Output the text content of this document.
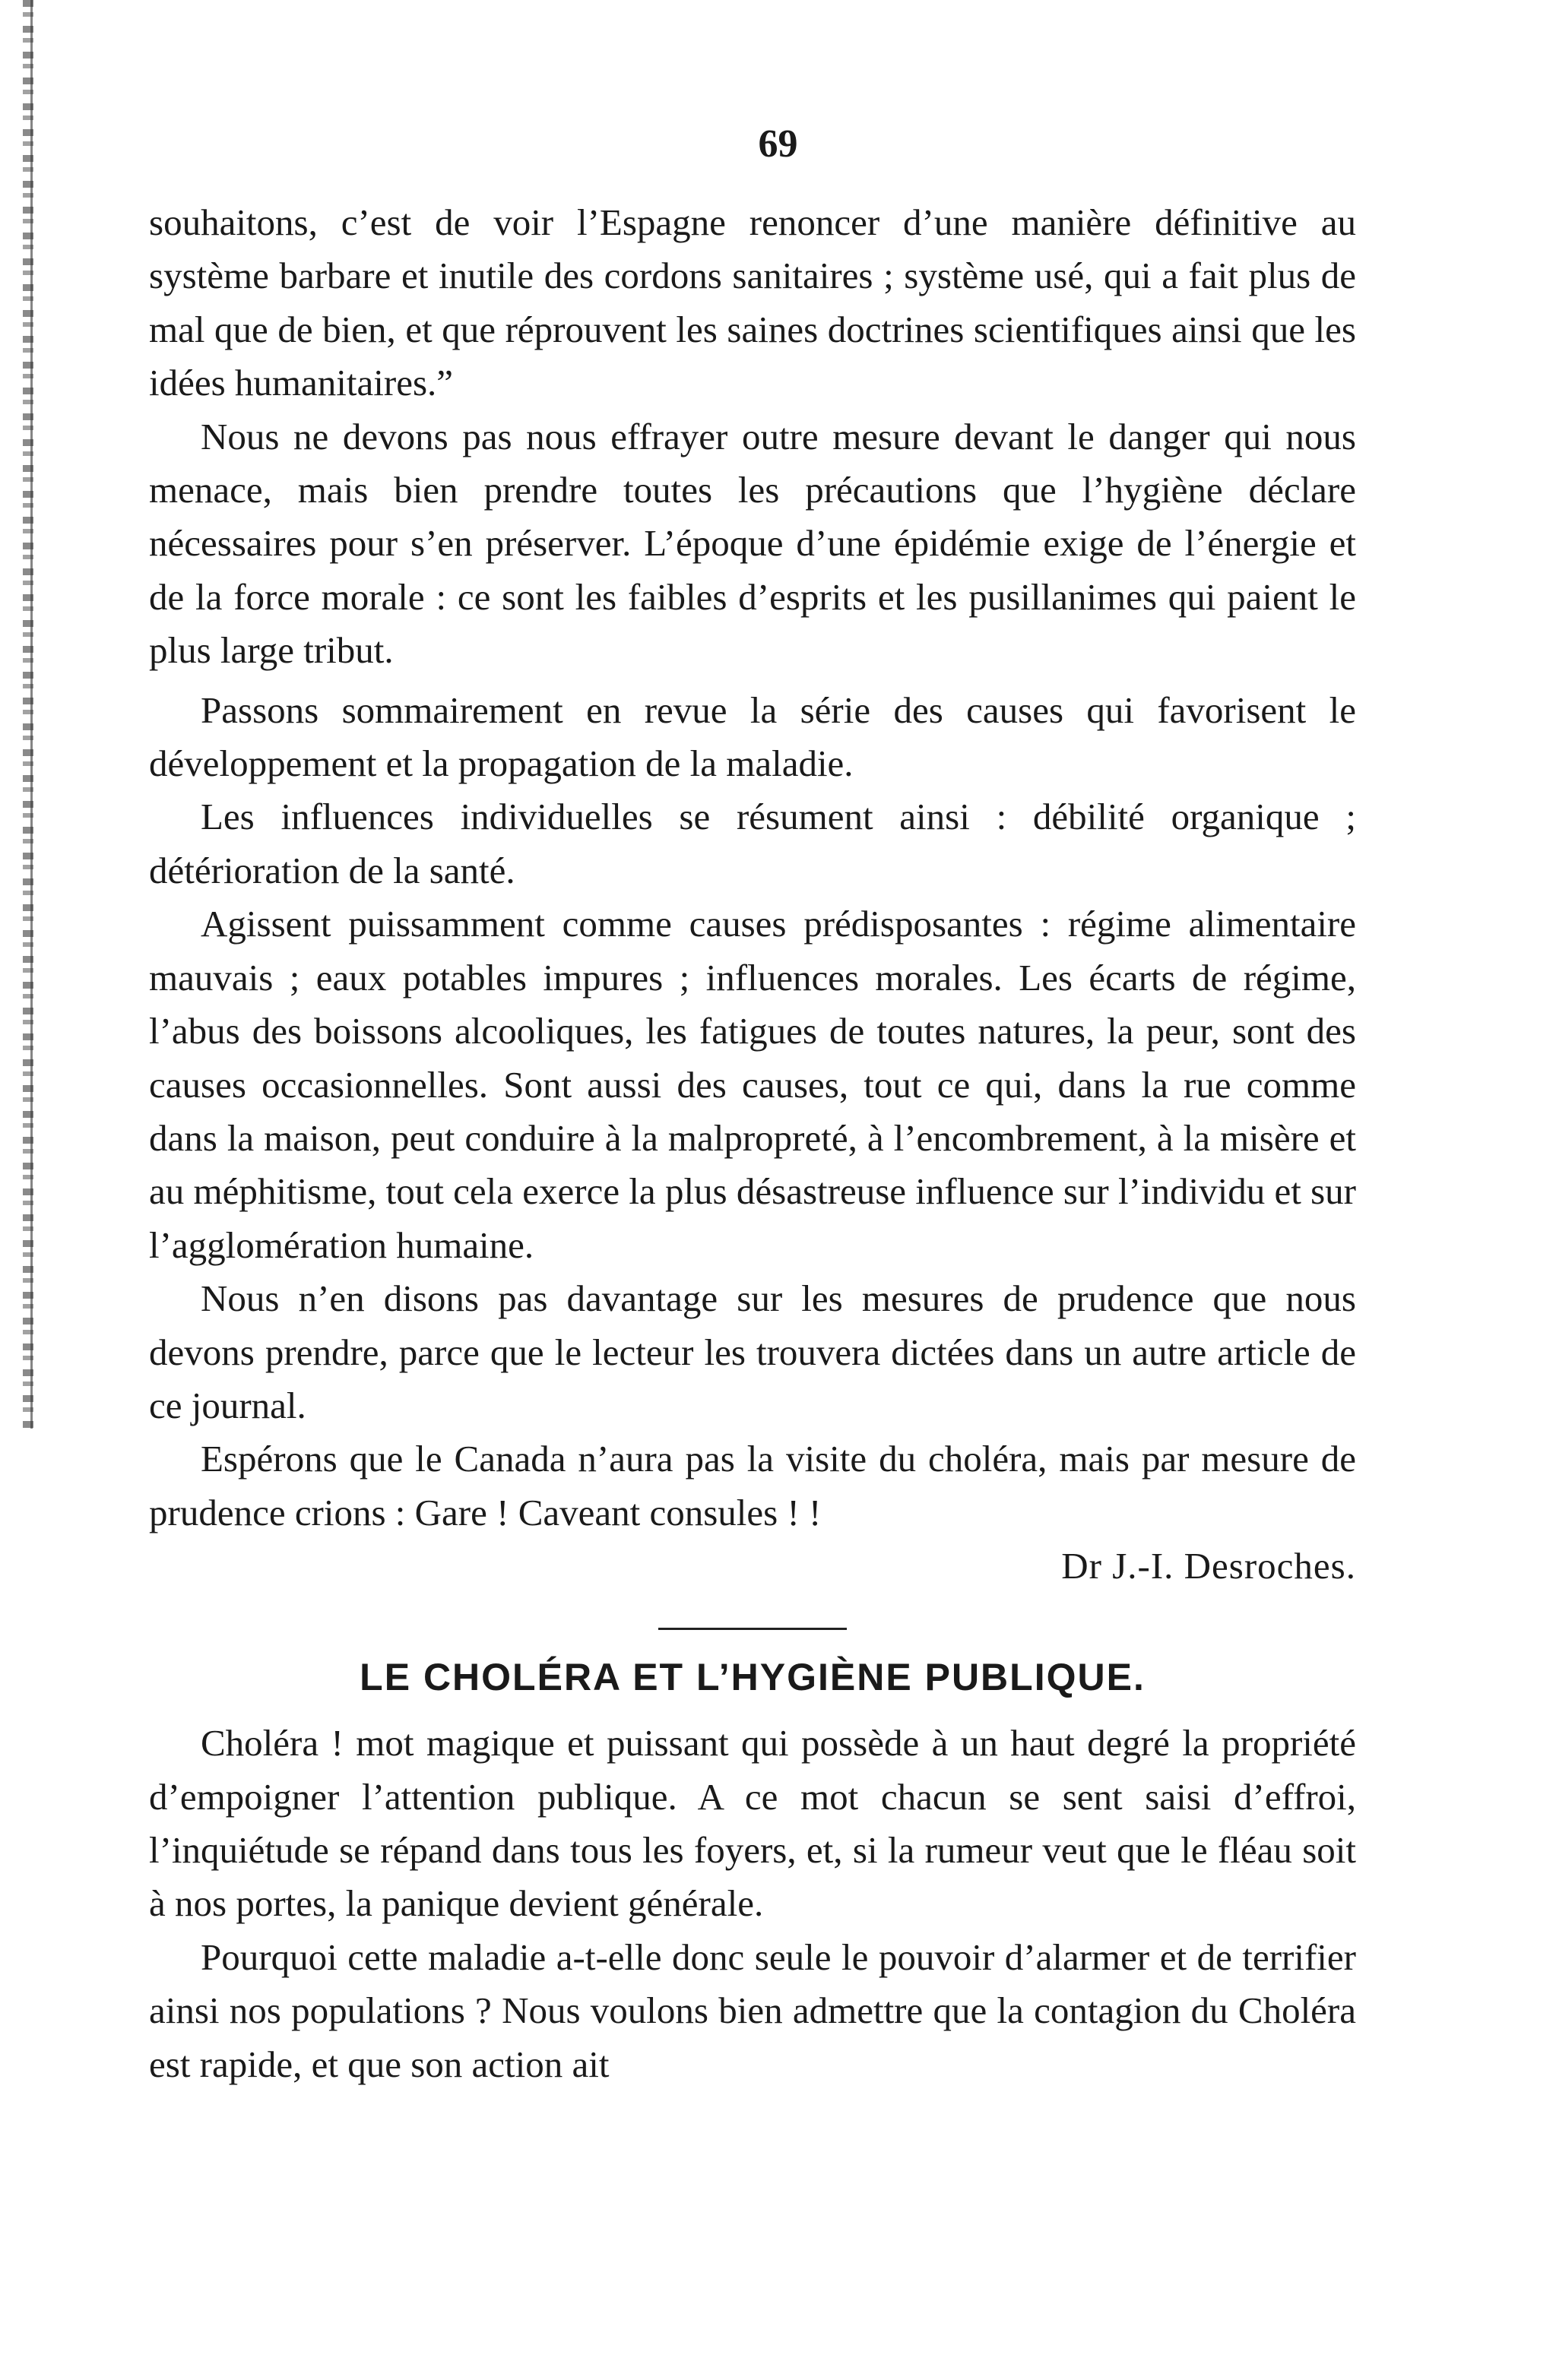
69

souhaitons, c’est de voir l’Espagne renoncer d’une manière définitive au système barbare et inutile des cordons sanitaires ; système usé, qui a fait plus de mal que de bien, et que réprouvent les saines doctrines scientifiques ainsi que les idées humanitaires.”

Nous ne devons pas nous effrayer outre mesure devant le danger qui nous menace, mais bien prendre toutes les précautions que l’hygiène déclare nécessaires pour s’en préserver. L’époque d’une épidémie exige de l’énergie et de la force morale : ce sont les faibles d’esprits et les pusillanimes qui paient le plus large tribut.

Passons sommairement en revue la série des causes qui favorisent le développement et la propagation de la maladie.

Les influences individuelles se résument ainsi : débilité organique ; détérioration de la santé.

Agissent puissamment comme causes prédisposantes : régime alimentaire mauvais ; eaux potables impures ; influences morales. Les écarts de régime, l’abus des boissons alcooliques, les fatigues de toutes natures, la peur, sont des causes occasionnelles. Sont aussi des causes, tout ce qui, dans la rue comme dans la maison, peut conduire à la malpropreté, à l’encombrement, à la misère et au méphitisme, tout cela exerce la plus désastreuse influence sur l’individu et sur l’agglomération humaine.

Nous n’en disons pas davantage sur les mesures de prudence que nous devons prendre, parce que le lecteur les trouvera dictées dans un autre article de ce journal.

Espérons que le Canada n’aura pas la visite du choléra, mais par mesure de prudence crions : Gare ! Caveant consules ! !

Dr J.-I. Desroches.

LE CHOLÉRA ET L’HYGIÈNE PUBLIQUE.

Choléra ! mot magique et puissant qui possède à un haut degré la propriété d’empoigner l’attention publique. A ce mot chacun se sent saisi d’effroi, l’inquiétude se répand dans tous les foyers, et, si la rumeur veut que le fléau soit à nos portes, la panique devient générale.

Pourquoi cette maladie a-t-elle donc seule le pouvoir d’alarmer et de terrifier ainsi nos populations ? Nous voulons bien admettre que la contagion du Choléra est rapide, et que son action ait
